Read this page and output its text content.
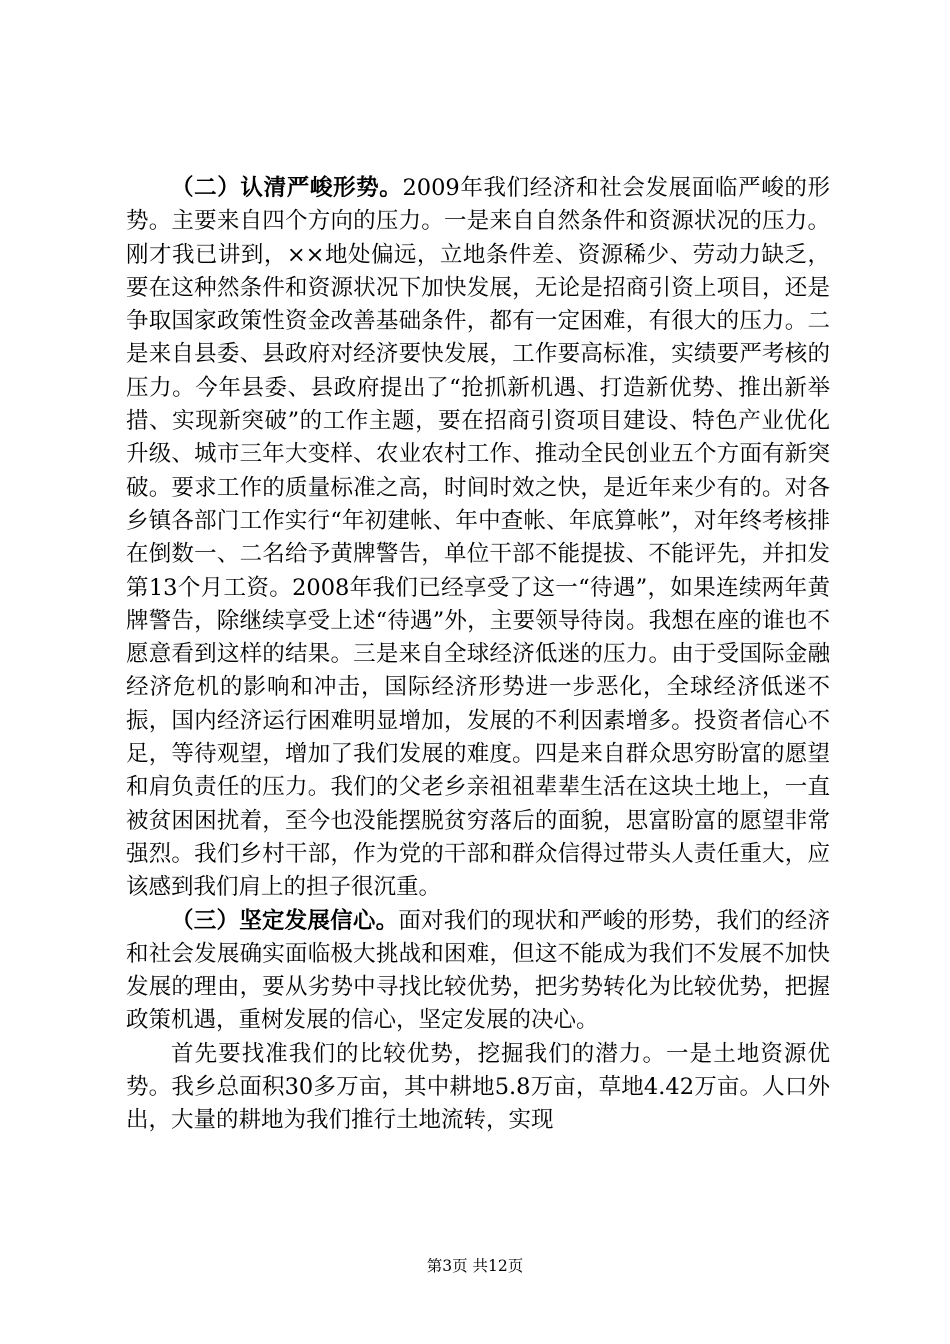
（二）认清严峻形势。2009年我们经济和社会发展面临严峻的形势。主要来自四个方向的压力。一是来自自然条件和资源状况的压力。刚才我已讲到，××地处偏远，立地条件差、资源稀少、劳动力缺乏，要在这种然条件和资源状况下加快发展，无论是招商引资上项目，还是争取国家政策性资金改善基础条件，都有一定困难，有很大的压力。二是来自县委、县政府对经济要快发展，工作要高标准，实绩要严考核的压力。今年县委、县政府提出了“抢抓新机遇、打造新优势、推出新举措、实现新突破”的工作主题，要在招商引资项目建设、特色产业优化升级、城市三年大变样、农业农村工作、推动全民创业五个方面有新突破。要求工作的质量标准之高，时间时效之快，是近年来少有的。对各乡镇各部门工作实行“年初建帐、年中查帐、年底算帐”，对年终考核排在倒数一、二名给予黄牌警告，单位干部不能提拔、不能评先，并扣发第13个月工资。2008年我们已经享受了这一“待遇”，如果连续两年黄牌警告，除继续享受上述“待遇”外，主要领导待岗。我想在座的谁也不愿意看到这样的结果。三是来自全球经济低迷的压力。由于受国际金融经济危机的影响和冲击，国际经济形势进一步恶化，全球经济低迷不振，国内经济运行困难明显增加，发展的不利因素增多。投资者信心不足，等待观望，增加了我们发展的难度。四是来自群众思穷盼富的愿望和肩负责任的压力。我们的父老乡亲祖祖辈辈生活在这块土地上，一直被贫困困扰着，至今也没能摆脱贫穷落后的面貌，思富盼富的愿望非常强烈。我们乡村干部，作为党的干部和群众信得过带头人责任重大，应该感到我们肩上的担子很沉重。

（三）坚定发展信心。面对我们的现状和严峻的形势，我们的经济和社会发展确实面临极大挑战和困难，但这不能成为我们不发展不加快发展的理由，要从劣势中寻找比较优势，把劣势转化为比较优势，把握政策机遇，重树发展的信心，坚定发展的决心。

首先要找准我们的比较优势，挖掘我们的潜力。一是土地资源优势。我乡总面积30多万亩，其中耕地5.8万亩，草地4.42万亩。人口外出，大量的耕地为我们推行土地流转，实现

第3页 共12页
